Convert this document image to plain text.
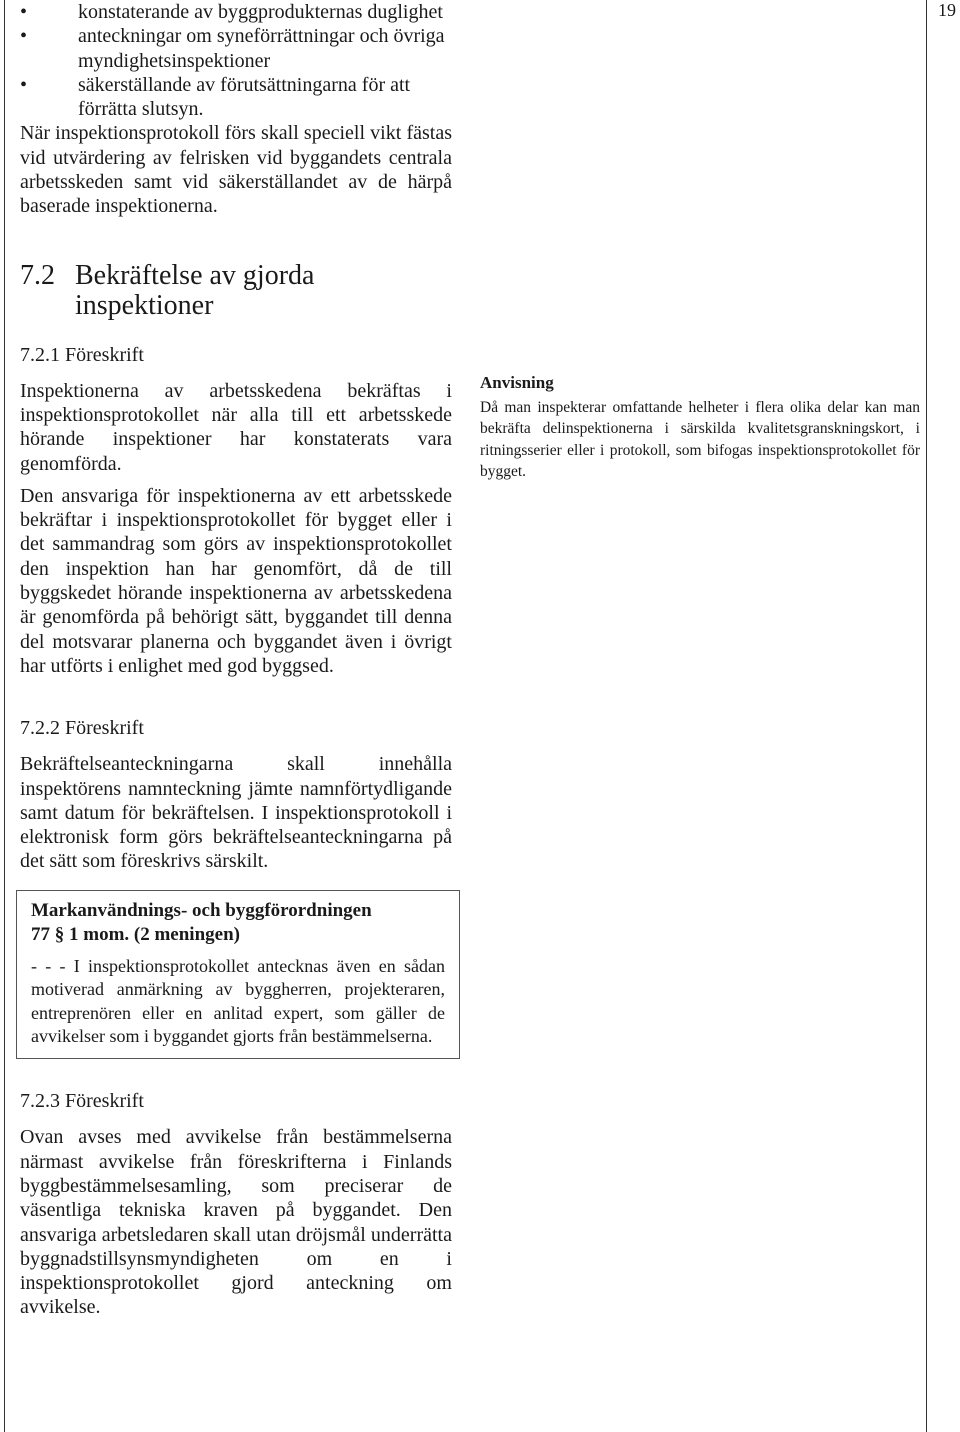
19
•	konstaterande av byggprodukternas duglighet
•	anteckningar om syneförrättningar och övriga myndighetsinspektioner
•	säkerställande av förutsättningarna för att förrätta slutsyn.

När inspektionsprotokoll förs skall speciell vikt fästas vid utvärdering av felrisken vid byggandets centrala arbetsskeden samt vid säkerställandet av de härpå baserade inspektionerna.

7.2 Bekräftelse av gjorda inspektioner
7.2.1 Föreskrift

Inspektionerna av arbetsskedena bekräftas i inspektionsprotokollet när alla till ett arbetsskede hörande inspektioner har konstaterats vara genomförda.

Den ansvariga för inspektionerna av ett arbetsskede bekräftar i inspektionsprotokollet för bygget eller i det sammandrag som görs av inspektionsprotokollet den inspektion han har genomfört, då de till byggskedet hörande inspektionerna av arbetsskedena är genomförda på behörigt sätt, byggandet till denna del motsvarar planerna och byggandet även i övrigt har utförts i enlighet med god byggsed.

7.2.2 Föreskrift

Bekräftelseanteckningarna skall innehålla inspektörens namnteckning jämte namnförtydligande samt datum för bekräftelsen. I inspektionsprotokoll i elektronisk form görs bekräftelseanteckningarna på det sätt som föreskrivs särskilt.

Markanvändnings- och byggförordningen

77 § 1 mom. (2 meningen)

- - - I inspektionsprotokollet antecknas även en sådan motiverad anmärkning av byggherren, projekteraren, entreprenören eller en anlitad expert, som gäller de avvikelser som i byggandet gjorts från bestämmelserna.

7.2.3 Föreskrift

Ovan avses med avvikelse från bestämmelserna närmast avvikelse från föreskrifterna i Finlands byggbestämmelsesamling, som preciserar de väsentliga tekniska kraven på byggandet. Den ansvariga arbetsledaren skall utan dröjsmål underrätta byggnadstillsynsmyndigheten om en i inspektionsprotokollet gjord anteckning om avvikelse.

Anvisning

Då man inspekterar omfattande helheter i flera olika delar kan man bekräfta delinspektionerna i särskilda kvalitetsgranskningskort, i ritningsserier eller i protokoll, som bifogas inspektionsprotokollet för bygget.
